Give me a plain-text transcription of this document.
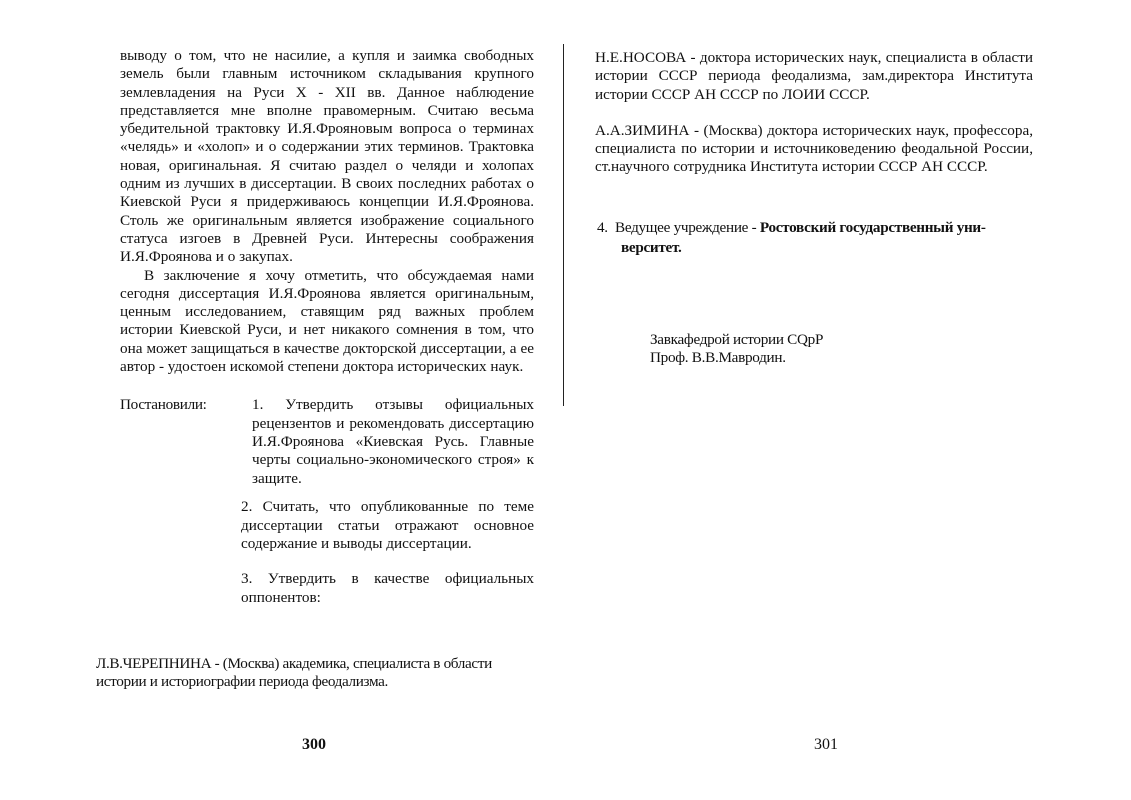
выводу о том, что не насилие, а купля и заимка свободных земель были главным источником складывания крупного землевладения на Руси X - XII вв. Данное наблюдение представляется мне вполне правомерным. Считаю весьма убедительной трактовку И.Я.Фрояновым вопроса о терминах «челядь» и «холоп» и о содержании этих терминов. Трактовка новая, оригинальная. Я считаю раздел о челяди и холопах одним из лучших в диссертации. В своих последних работах о Киевской Руси я придерживаюсь концепции И.Я.Фроянова. Столь же оригинальным является изображение социального статуса изгоев в Древней Руси. Интересны соображения И.Я.Фроянова и о закупах.

В заключение я хочу отметить, что обсуждаемая нами сегодня диссертация И.Я.Фроянова является оригинальным, ценным исследованием, ставящим ряд важных проблем истории Киевской Руси, и нет никакого сомнения в том, что она может защищаться в качестве докторской диссертации, а ее автор - удостоен искомой степени доктора исторических наук.

Постановили:	1. Утвердить отзывы официальных рецензентов и рекомендовать диссертацию И.Я.Фроянова «Киевская Русь. Главные черты социально-экономического строя» к защите.
2. Считать, что опубликованные по теме диссертации статьи отражают основное содержание и выводы диссертации.
3. Утвердить в качестве официальных оппонентов:
Л.В.ЧЕРЕПНИНА - (Москва) академика, специалиста в области истории и историографии периода феодализма.
300

Н.Е.НОСОВА - доктора исторических наук, специалиста в области истории СССР периода феодализма, зам.директора Института истории СССР АН СССР по ЛОИИ СССР.

А.А.ЗИМИНА - (Москва) доктора исторических наук, профессора, специалиста по истории и источниковедению феодальной России, ст.научного сотрудника Института истории СССР АН СССР.

4. Ведущее учреждение - Ростовский государственный уни-
верситет.
Завкафедрой истории CQрР
Проф. В.В.Мавродин.
301
